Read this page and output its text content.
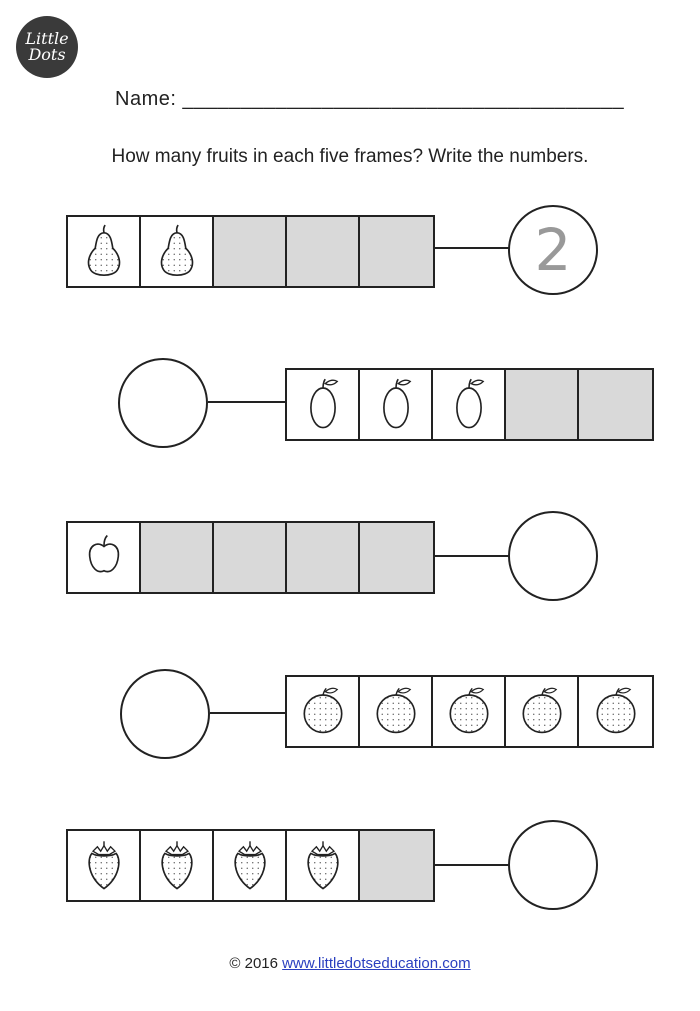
Little
Dots
Name: ______________________________________
How many fruits in each five frames? Write the numbers.
2
© 2016 www.littledotseducation.com
